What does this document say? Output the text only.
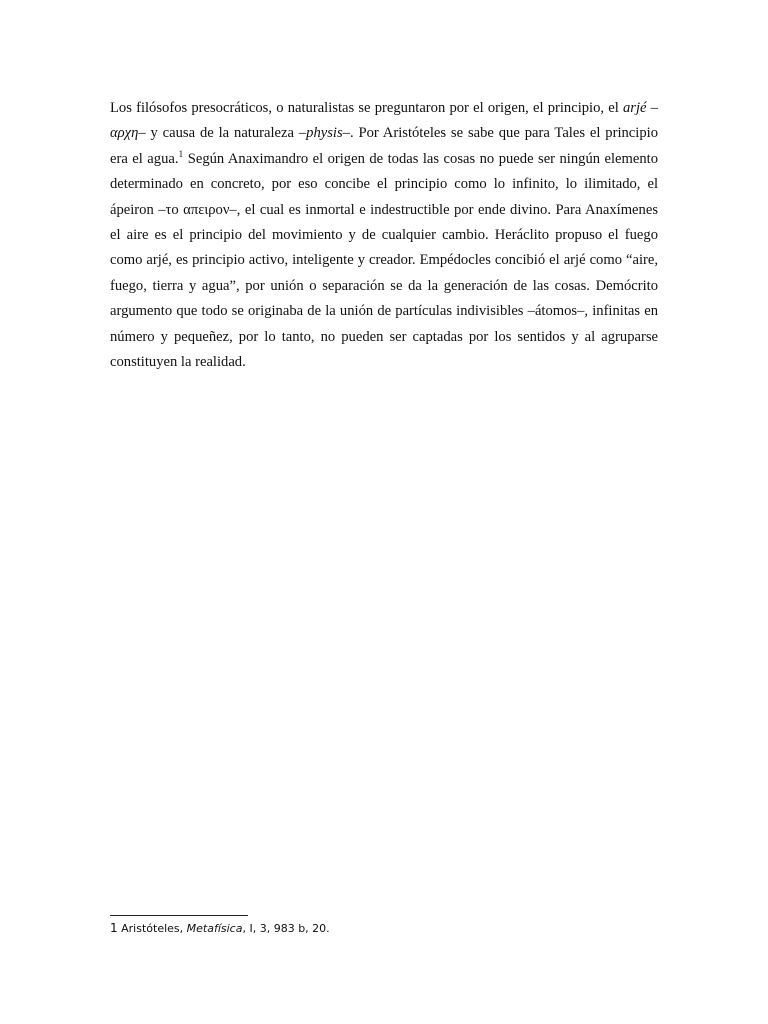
Los filósofos presocráticos, o naturalistas se preguntaron por el origen, el principio, el arjé –αρχη– y causa de la naturaleza –physis–. Por Aristóteles se sabe que para Tales el principio era el agua.$^1$ Según Anaximandro el origen de todas las cosas no puede ser ningún elemento determinado en concreto, por eso concibe el principio como lo infinito, lo ilimitado, el ápeiron –το απειρον–, el cual es inmortal e indestructible por ende divino. Para Anaxímenes el aire es el principio del movimiento y de cualquier cambio. Heráclito propuso el fuego como arjé, es principio activo, inteligente y creador. Empédocles concibió el arjé como “aire, fuego, tierra y agua”, por unión o separación se da la generación de las cosas. Demócrito argumento que todo se originaba de la unión de partículas indivisibles –átomos–, infinitas en número y pequeñez, por lo tanto, no pueden ser captadas por los sentidos y al agruparse constituyen la realidad.

1 Aristóteles, Metafísica, I, 3, 983 b, 20.
